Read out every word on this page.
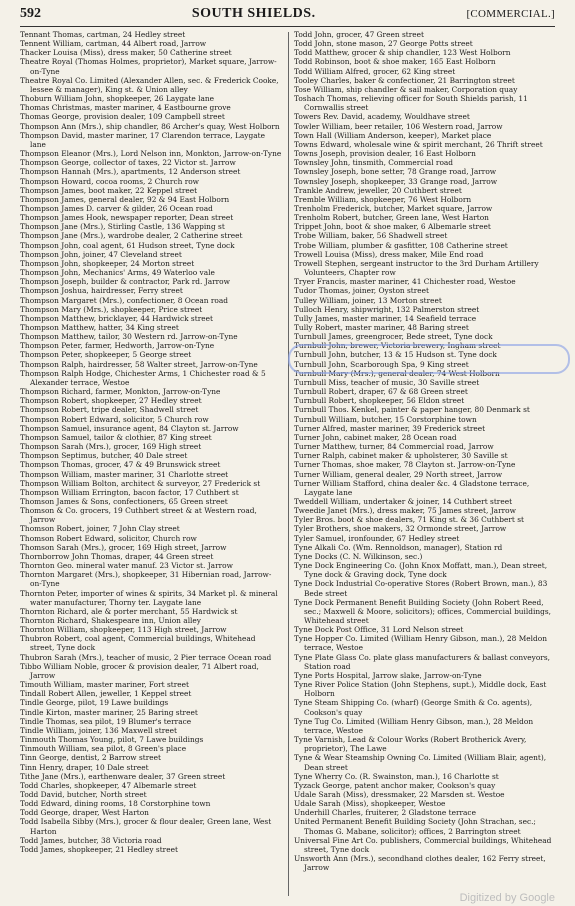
592	SOUTH SHIELDS.	[COMMERCIAL.]

Tennant Thomas, cartman, 24 Hedley street

Tennent William, cartman, 44 Albert road, Jarrow

Thacker Louisa (Miss), dress maker, 50 Catherine street

Theatre Royal (Thomas Holmes, proprietor), Market square, Jarrow-on-Tyne

Theatre Royal Co. Limited (Alexander Allen, sec. & Frederick Cooke, lessee & manager), King st. & Union alley

Thoburn William John, shopkeeper, 26 Laygate lane

Thomas Christmas, master mariner, 4 Eastbourne grove

Thomas George, provision dealer, 109 Campbell street

Thompson Ann (Mrs.), ship chandler, 86 Archer's quay, West Holborn

Thompson David, master mariner, 17 Clarendon terrace, Laygate lane

Thompson Eleanor (Mrs.), Lord Nelson inn, Monkton, Jarrow-on-Tyne

Thompson George, collector of taxes, 22 Victor st. Jarrow

Thompson Hannah (Mrs.), apartments, 12 Anderson street

Thompson Howard, cocoa rooms, 2 Church row

Thompson James, boot maker, 22 Keppel street

Thompson James, general dealer, 92 & 94 East Holborn

Thompson James D. carver & gilder, 26 Ocean road

Thompson James Hook, newspaper reporter, Dean street

Thompson Jane (Mrs.), Stirling Castle, 136 Wapping st

Thompson Jane (Mrs.), wardrobe dealer, 2 Catherine street

Thompson John, coal agent, 61 Hudson street, Tyne dock

Thompson John, joiner, 47 Cleveland street

Thompson John, shopkeeper, 24 Morton street

Thompson John, Mechanics' Arms, 49 Waterloo vale

Thompson Joseph, builder & contractor, Park rd. Jarrow

Thompson Joshua, hairdresser, Ferry street

Thompson Margaret (Mrs.), confectioner, 8 Ocean road

Thompson Mary (Mrs.), shopkeeper, Price street

Thompson Matthew, bricklayer, 44 Hardwick street

Thompson Matthew, hatter, 34 King street

Thompson Matthew, tailor, 30 Western rd. Jarrow-on-Tyne

Thompson Peter, farmer, Hedworth, Jarrow-on-Tyne

Thompson Peter, shopkeeper, 5 George street

Thompson Ralph, hairdresser, 58 Walter street, Jarrow-on-Tyne

Thompson Ralph Hodge, Chichester Arms, 1 Chichester road & 5 Alexander terrace, Westoe

Thompson Richard, farmer, Monkton, Jarrow-on-Tyne

Thompson Robert, shopkeeper, 27 Hedley street

Thompson Robert, tripe dealer, Shadwell street

Thompson Robert Edward, solicitor, 5 Church row

Thompson Samuel, insurance agent, 84 Clayton st. Jarrow

Thompson Samuel, tailor & clothier, 87 King street

Thompson Sarah (Mrs.), grocer, 169 High street

Thompson Septimus, butcher, 40 Dale street

Thompson Thomas, grocer, 47 & 49 Brunswick street

Thompson William, master mariner, 31 Charlotte street

Thompson William Bolton, architect & surveyor, 27 Frederick st

Thompson William Errington, bacon factor, 17 Cuthbert st

Thomson James & Sons, confectioners, 65 Green street

Thomson & Co. grocers, 19 Cuthbert street & at Western road, Jarrow

Thomson Robert, joiner, 7 John Clay street

Thomson Robert Edward, solicitor, Church row

Thomson Sarah (Mrs.), grocer, 169 High street, Jarrow

Thornborrow John Thomas, draper, 44 Green street

Thornton Geo. mineral water manuf. 23 Victor st. Jarrow

Thornton Margaret (Mrs.), shopkeeper, 31 Hibernian road, Jarrow-on-Tyne

Thornton Peter, importer of wines & spirits, 34 Market pl. & mineral water manufacturer, Thorny ter. Laygate lane

Thornton Richard, ale & porter merchant, 55 Hardwick st

Thornton Richard, Shakespeare inn, Union alley

Thornton William, shopkeeper, 113 High street, Jarrow

Thubron Robert, coal agent, Commercial buildings, Whitehead street, Tyne dock

Thubron Sarah (Mrs.), teacher of music, 2 Pier terrace Ocean road

Tibbo William Noble, grocer & provision dealer, 71 Albert road, Jarrow

Timouth William, master mariner, Fort street

Tindall Robert Allen, jeweller, 1 Keppel street

Tindle George, pilot, 19 Lawe buildings

Tindle Kirton, master mariner, 25 Baring street

Tindle Thomas, sea pilot, 19 Blumer's terrace

Tindle William, joiner, 136 Maxwell street

Tinmouth Thomas Young, pilot, 7 Lawe buildings

Tinmouth William, sea pilot, 8 Green's place

Tinn George, dentist, 2 Barrow street

Tinn Henry, draper, 10 Dale street

Tithe Jane (Mrs.), earthenware dealer, 37 Green street

Todd Charles, shopkeeper, 47 Albemarle street

Todd David, butcher, North street

Todd Edward, dining rooms, 18 Corstorphine town

Todd George, draper, West Harton

Todd Isabella Sibby (Mrs.), grocer & flour dealer, Green lane, West Harton

Todd James, butcher, 38 Victoria road

Todd James, shopkeeper, 21 Hedley street

Todd John, grocer, 47 Green street

Todd John, stone mason, 27 George Potts street

Todd Matthew, grocer & ship chandler, 123 West Holborn

Todd Robinson, boot & shoe maker, 165 East Holborn

Todd William Alfred, grocer, 62 King street

Tooley Charles, baker & confectioner, 21 Barrington street

Tose William, ship chandler & sail maker, Corporation quay

Toshach Thomas, relieving officer for South Shields parish, 11 Cornwallis street

Towers Rev. David, academy, Wouldhave street

Towler William, beer retailer, 106 Western road, Jarrow

Town Hall (William Anderson, keeper), Market place

Towns Edward, wholesale wine & spirit merchant, 26 Thrift street

Towns Joseph, provision dealer, 16 East Holborn

Townsley John, tinsmith, Commercial road

Townsley Joseph, bone setter, 78 Grange road, Jarrow

Townsley Joseph, shopkeeper, 33 Grange road, Jarrow

Trankle Andrew, jeweller, 20 Cuthbert street

Tremble William, shopkeeper, 76 West Holborn

Trenholm Frederick, butcher, Market square, Jarrow

Trenholm Robert, butcher, Green lane, West Harton

Trippet John, boot & shoe maker, 6 Albemarle street

Trobe William, baker, 56 Shadwell street

Trobe William, plumber & gasfitter, 108 Catherine street

Trowell Louisa (Miss), dress maker, Mile End road

Trowell Stephen, sergeant instructor to the 3rd Durham Artillery Volunteers, Chapter row

Tryer Francis, master mariner, 41 Chichester road, Westoe

Tudor Thomas, joiner, Oyston street

Tulley William, joiner, 13 Morton street

Tulloch Henry, shipwright, 132 Palmerston street

Tully James, master mariner, 14 Seafield terrace

Tully Robert, master mariner, 48 Baring street

Turnbull James, greengrocer, Bede street, Tyne dock

Turnbull John, brewer, Victoria brewery, Ingham street

Turnbull John, butcher, 13 & 15 Hudson st. Tyne dock

Turnbull John, Scarborough Spa, 9 King street

Turnbull Mary (Mrs.), general dealer, 74 West Holborn

Turnbull Miss, teacher of music, 30 Saville street

Turnbull Robert, draper, 67 & 68 Green street

Turnbull Robert, shopkeeper, 56 Eldon street

Turnbull Thos. Kenkel, painter & paper hanger, 80 Denmark st

Turnbull William, butcher, 15 Corstorphine town

Turner Alfred, master mariner, 39 Frederick street

Turner John, cabinet maker, 28 Ocean road

Turner Matthew, turner, 84 Commercial road, Jarrow

Turner Ralph, cabinet maker & upholsterer, 30 Saville st

Turner Thomas, shoe maker, 78 Clayton st. Jarrow-on-Tyne

Turner William, general dealer, 29 North street, Jarrow

Turner William Stafford, china dealer &c. 4 Gladstone terrace, Laygate lane

Tweddell William, undertaker & joiner, 14 Cuthbert street

Tweedie Janet (Mrs.), dress maker, 75 James street, Jarrow

Tyler Bros. boot & shoe dealers, 71 King st. & 36 Cuthbert st

Tyler Brothers, shoe makers, 32 Ormonde street, Jarrow

Tyler Samuel, ironfounder, 67 Hedley street

Tyne Alkali Co. (Wm. Rennoldson, manager), Station rd

Tyne Docks (C. N. Wilkinson, sec.)

Tyne Dock Engineering Co. (John Knox Moffatt, man.), Dean street, Tyne dock & Graving dock, Tyne dock

Tyne Dock Industrial Co-operative Stores (Robert Brown, man.), 83 Bede street

Tyne Dock Permanent Benefit Building Society (John Robert Reed, sec.; Maxwell & Moore, solicitors); offices, Commercial buildings, Whitehead street

Tyne Dock Post Office, 31 Lord Nelson street

Tyne Hopper Co. Limited (William Henry Gibson, man.), 28 Meldon terrace, Westoe

Tyne Plate Glass Co. plate glass manufacturers & ballast conveyors, Station road

Tyne Ports Hospital, Jarrow slake, Jarrow-on-Tyne

Tyne River Police Station (John Stephens, supt.), Middle dock, East Holborn

Tyne Steam Shipping Co. (wharf) (George Smith & Co. agents), Cookson's quay

Tyne Tug Co. Limited (William Henry Gibson, man.), 28 Meldon terrace, Westoe

Tyne Varnish, Lead & Colour Works (Robert Brotherick Avery, proprietor), The Lawe

Tyne & Wear Steamship Owning Co. Limited (William Blair, agent), Dean street

Tyne Wherry Co. (R. Swainston, man.), 16 Charlotte st

Tyzack George, patent anchor maker, Cookson's quay

Udale Sarah (Miss), dressmaker, 22 Marsden st. Westoe

Udale Sarah (Miss), shopkeeper, Westoe

Underhill Charles, fruiterer, 2 Gladstone terrace

United Permanent Benefit Building Society (John Strachan, sec.; Thomas G. Mabane, solicitor); offices, 2 Barrington street

Universal Fine Art Co. publishers, Commercial buildings, Whitehead street, Tyne dock

Unsworth Ann (Mrs.), secondhand clothes dealer, 162 Ferry street, Jarrow

Digitized by Google
